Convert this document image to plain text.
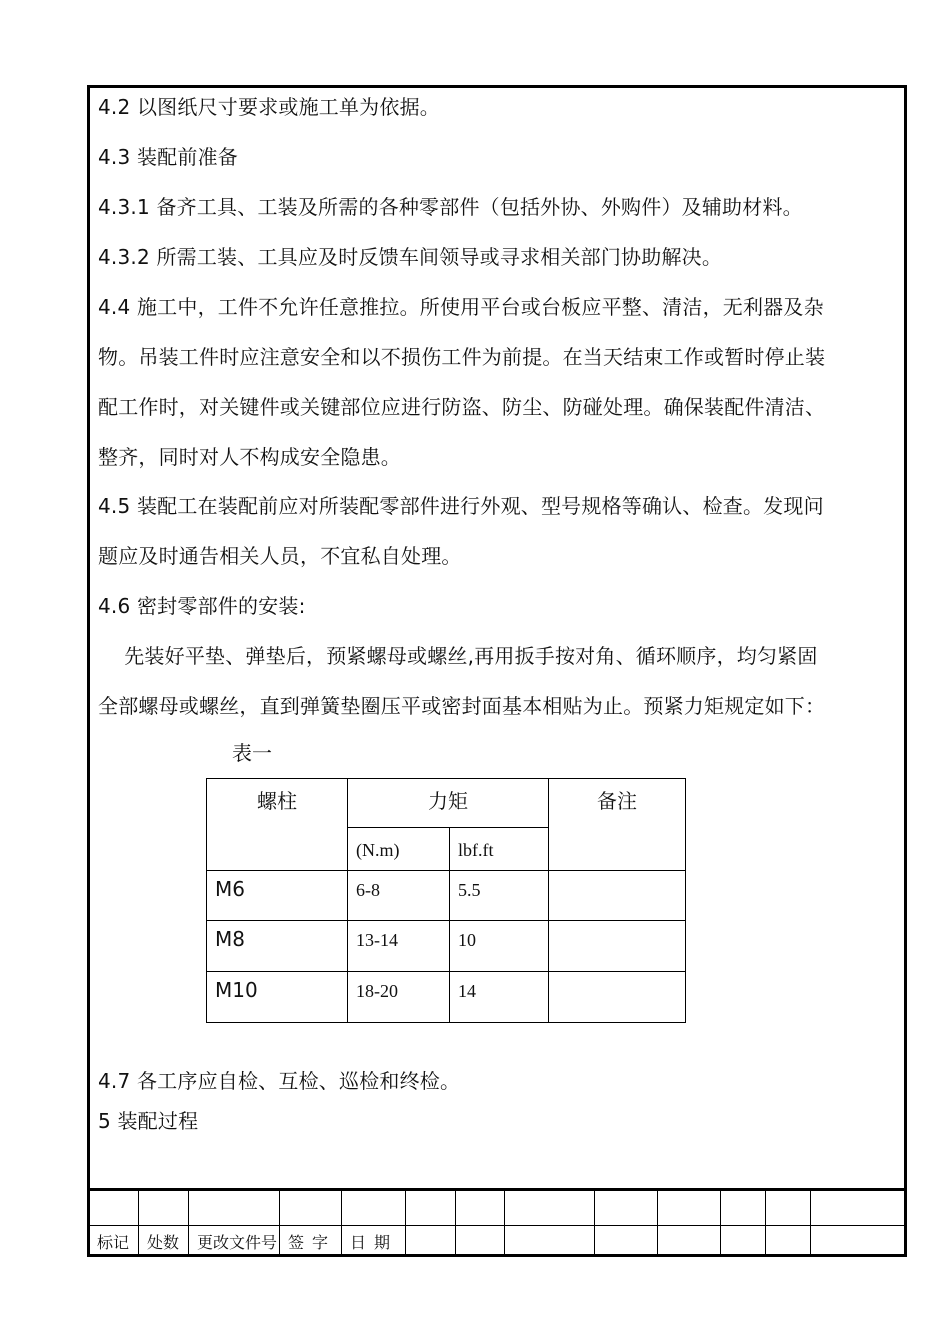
4.2 以图纸尺寸要求或施工单为依据。

4.3 装配前准备

4.3.1 备齐工具、工装及所需的各种零部件（包括外协、外购件）及辅助材料。

4.3.2 所需工装、工具应及时反馈车间领导或寻求相关部门协助解决。

4.4 施工中，工件不允许任意推拉。所使用平台或台板应平整、清洁，无利器及杂

物。吊装工件时应注意安全和以不损伤工件为前提。在当天结束工作或暂时停止装

配工作时，对关键件或关键部位应进行防盗、防尘、防碰处理。确保装配件清洁、

整齐，同时对人不构成安全隐患。

4.5 装配工在装配前应对所装配零部件进行外观、型号规格等确认、检查。发现问

题应及时通告相关人员，不宜私自处理。

4.6 密封零部件的安装:

先装好平垫、弹垫后，预紧螺母或螺丝,再用扳手按对角、循环顺序，均匀紧固

全部螺母或螺丝，直到弹簧垫圈压平或密封面基本相贴为止。预紧力矩规定如下：

表一

螺柱	力矩		备注
	(N.m)	lbf.ft	
M6	6-8	5.5	
M8	13-14	10	
M10	18-20	14	

4.7 各工序应自检、互检、巡检和终检。

5 装配过程

标记	处数	更改文件号	签  字	日  期								
